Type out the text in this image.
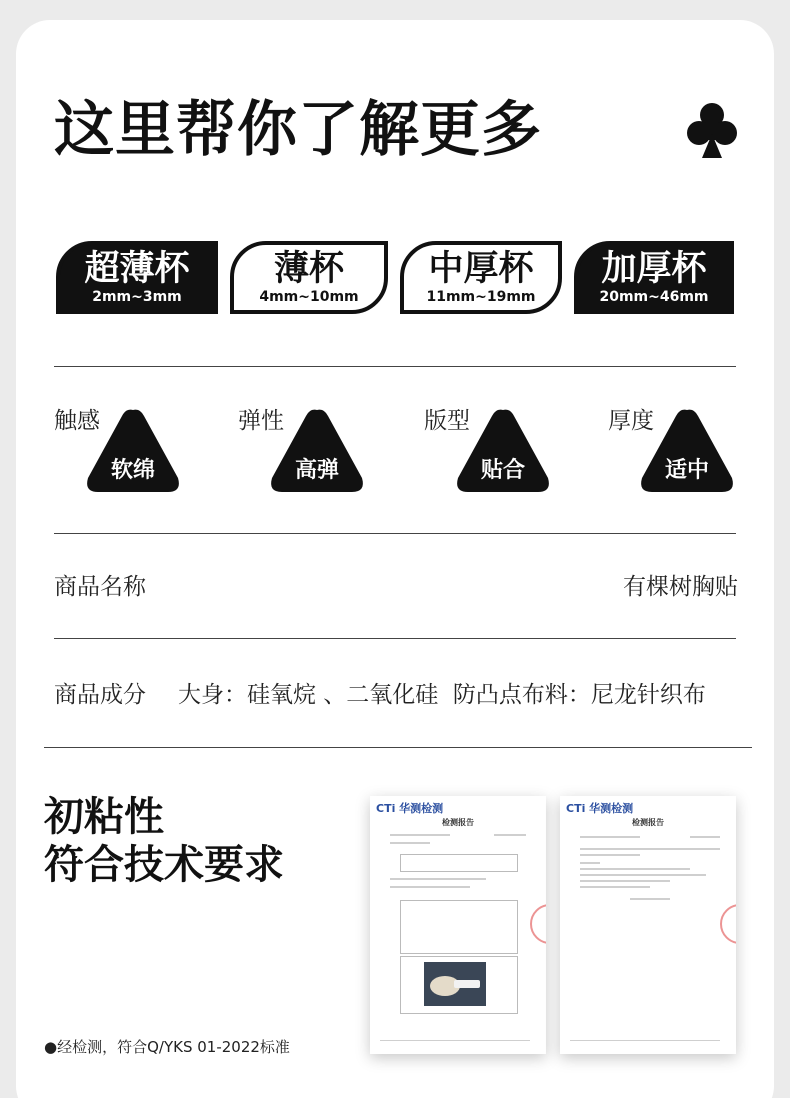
这里帮你了解更多
超薄杯
2mm~3mm
薄杯
4mm~10mm
中厚杯
11mm~19mm
加厚杯
20mm~46mm
触感
软绵
弹性
高弹
版型
贴合
厚度
适中
商品名称	有棵树胸贴
商品成分 大身：硅氧烷 、二氧化硅  防凸点布料：尼龙针织布
初粘性
符合技术要求
●经检测，符合Q/YKS 01-2022标准
CTi 华测检测
检测报告
CTi 华测检测
检测报告
